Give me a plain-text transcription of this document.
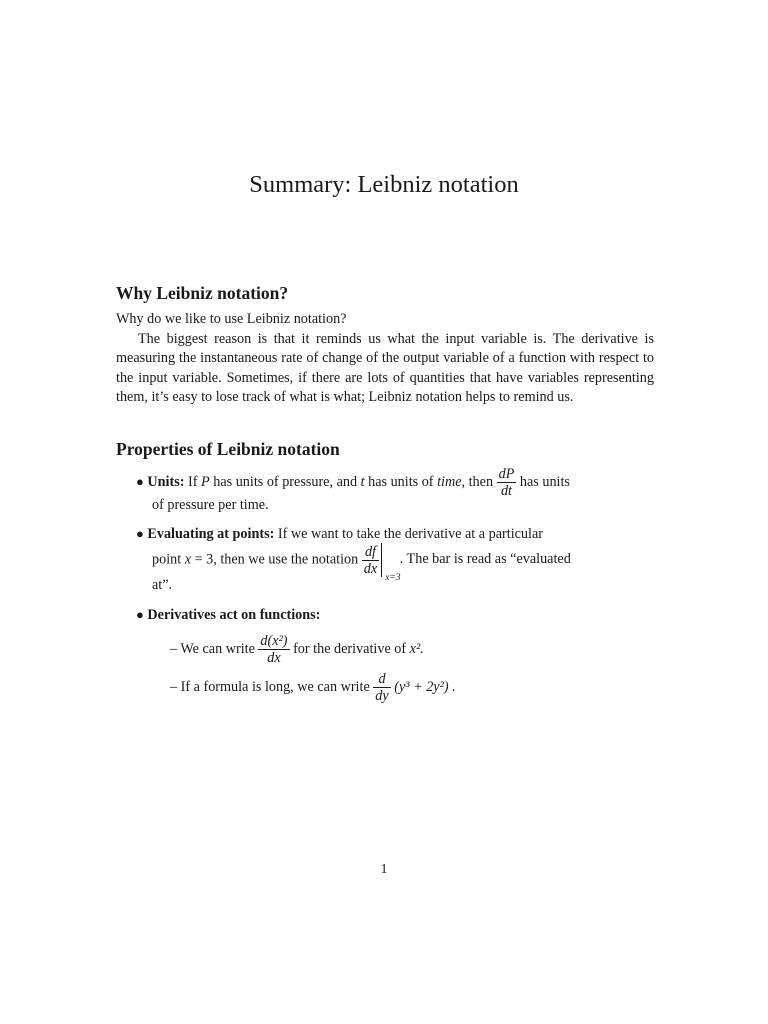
Summary: Leibniz notation
Why Leibniz notation?

Why do we like to use Leibniz notation?

The biggest reason is that it reminds us what the input variable is. The derivative is measuring the instantaneous rate of change of the output variable of a function with respect to the input variable. Sometimes, if there are lots of quantities that have variables representing them, it’s easy to lose track of what is what; Leibniz notation helps to remind us.

Properties of Leibniz notation
● Units: If P has units of pressure, and t has units of time, then $\frac{dP}{dt}$ has units
of pressure per time.
● Evaluating at points: If we want to take the derivative at a particular
point x = 3, then we use the notation $\frac{df}{dx}$
x=3
. The bar is read as “evaluated
at”.
● Derivatives act on functions:
– We can write $\frac{\text{d(x²)}}{dx}$ for the derivative of x².
– If a formula is long, we can write $\frac{d}{dy} (y^3 + 2y^2)$ .
1
